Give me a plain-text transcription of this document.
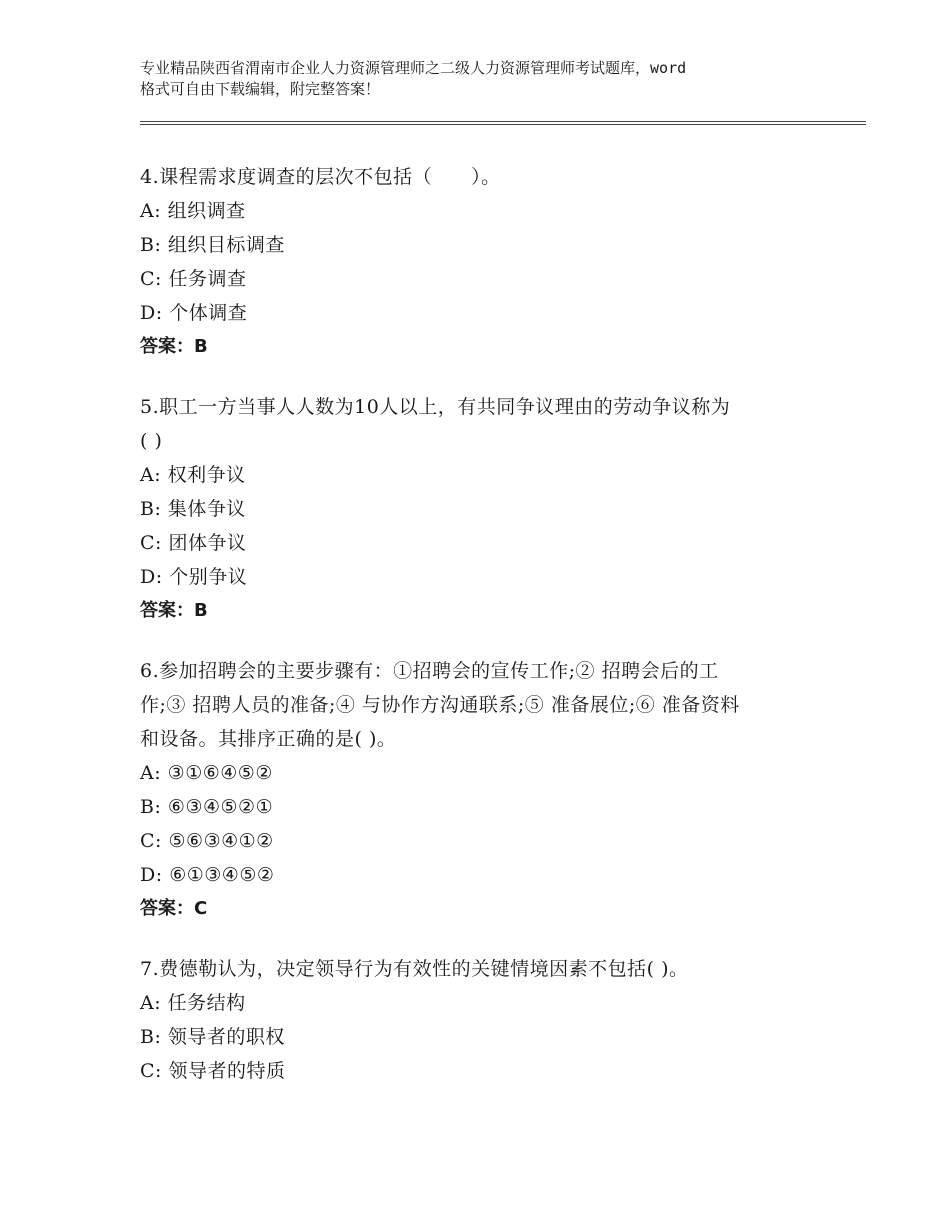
专业精品陕西省渭南市企业人力资源管理师之二级人力资源管理师考试题库，word
格式可自由下载编辑，附完整答案！

4.课程需求度调查的层次不包括（　　）。

A: 组织调查

B: 组织目标调查

C: 任务调查

D: 个体调查

答案：B

5.职工一方当事人人数为10人以上，有共同争议理由的劳动争议称为

( )

A: 权利争议

B: 集体争议

C: 团体争议

D: 个别争议

答案：B

6.参加招聘会的主要步骤有：①招聘会的宣传工作;② 招聘会后的工

作;③ 招聘人员的准备;④ 与协作方沟通联系;⑤ 准备展位;⑥ 准备资料

和设备。其排序正确的是( )。

A: ③①⑥④⑤②

B: ⑥③④⑤②①

C: ⑤⑥③④①②

D: ⑥①③④⑤②

答案：C

7.费德勒认为，决定领导行为有效性的关键情境因素不包括( )。

A: 任务结构

B: 领导者的职权

C: 领导者的特质
